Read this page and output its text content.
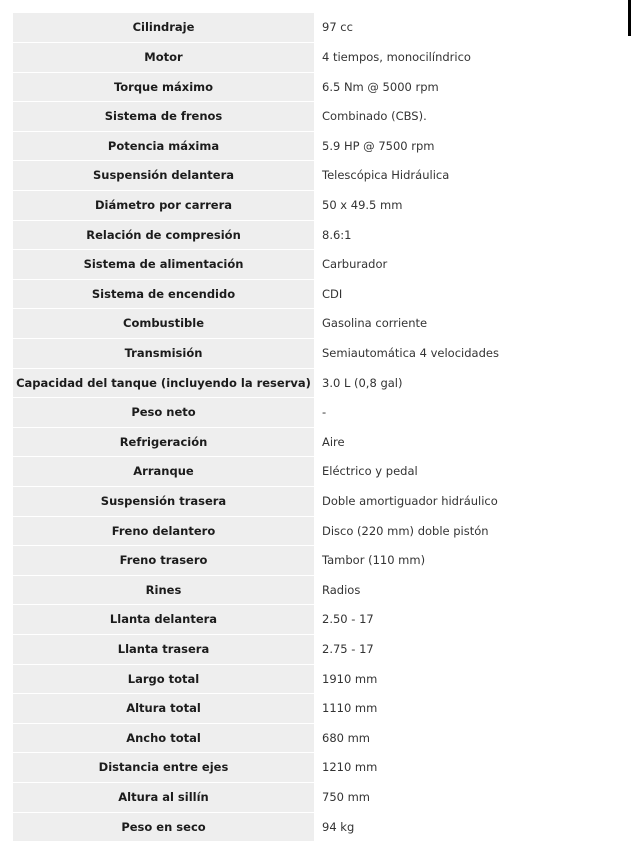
Cilindraje	97 cc
Motor	4 tiempos, monocilíndrico
Torque máximo	6.5 Nm @ 5000 rpm
Sistema de frenos	Combinado (CBS).
Potencia máxima	5.9 HP @ 7500 rpm
Suspensión delantera	Telescópica Hidráulica
Diámetro por carrera	50 x 49.5 mm
Relación de compresión	8.6:1
Sistema de alimentación	Carburador
Sistema de encendido	CDI
Combustible	Gasolina corriente
Transmisión	Semiautomática 4 velocidades
Capacidad del tanque (incluyendo la reserva)	3.0 L (0,8 gal)
Peso neto	-
Refrigeración	Aire
Arranque	Eléctrico y pedal
Suspensión trasera	Doble amortiguador hidráulico
Freno delantero	Disco (220 mm) doble pistón
Freno trasero	Tambor (110 mm)
Rines	Radios
Llanta delantera	2.50 - 17
Llanta trasera	2.75 - 17
Largo total	1910 mm
Altura total	1110 mm
Ancho total	680 mm
Distancia entre ejes	1210 mm
Altura al sillín	750 mm
Peso en seco	94 kg
